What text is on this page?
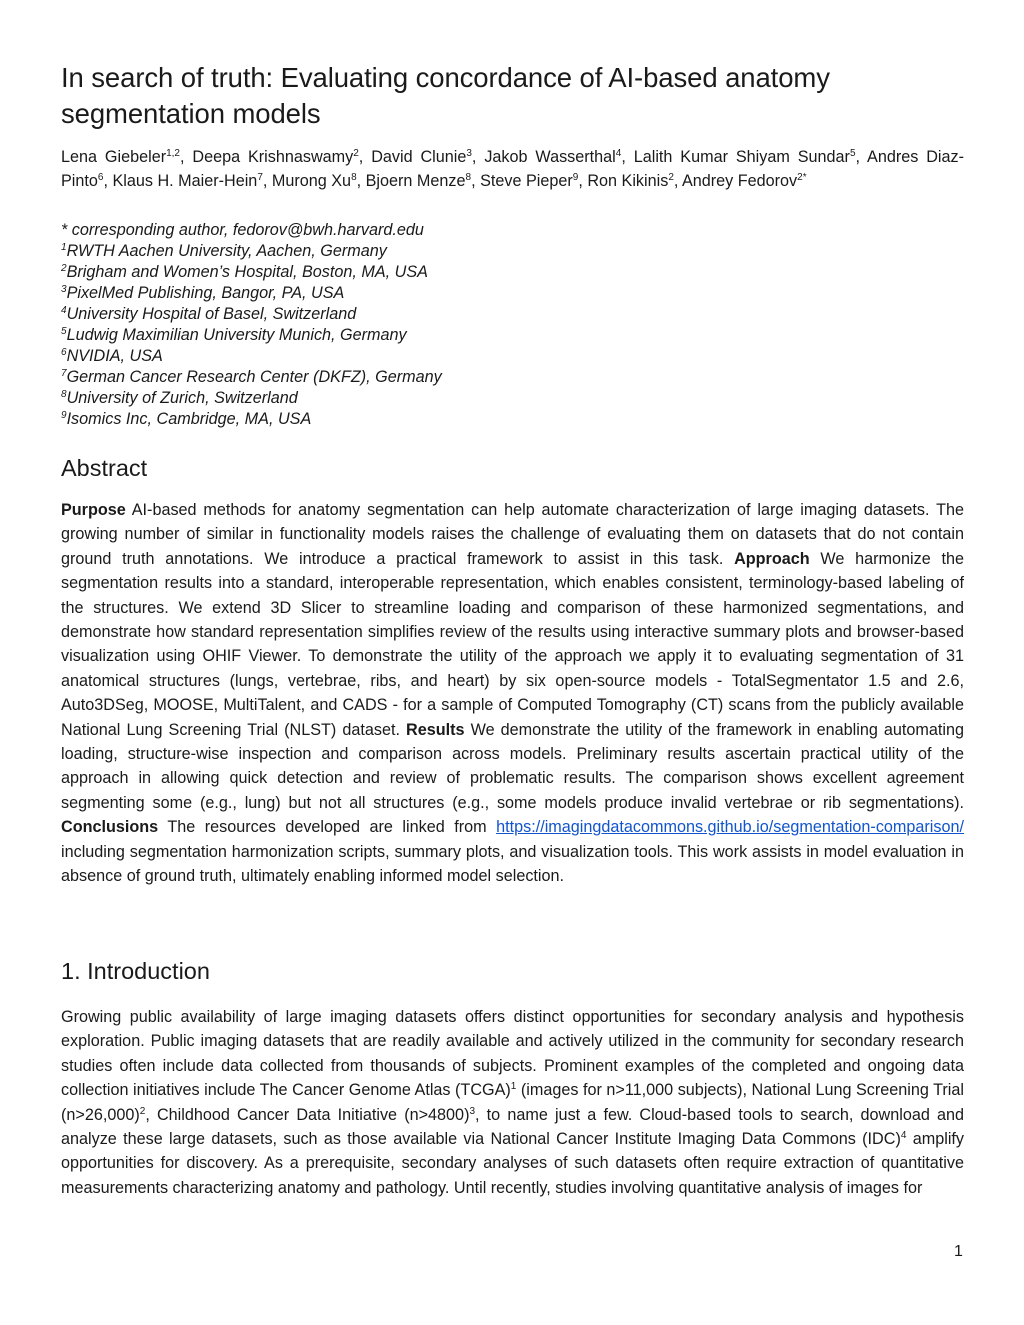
In search of truth: Evaluating concordance of AI-based anatomy segmentation models
Lena Giebeler$^{1,2}$, Deepa Krishnaswamy$^2$, David Clunie$^3$, Jakob Wasserthal$^4$, Lalith Kumar Shiyam Sundar$^5$, Andres Diaz-Pinto$^6$, Klaus H. Maier-Hein$^7$, Murong Xu$^8$, Bjoern Menze$^8$, Steve Pieper$^9$, Ron Kikinis$^2$, Andrey Fedorov$^{2*}$
* corresponding author, fedorov@bwh.harvard.edu
$^1$RWTH Aachen University, Aachen, Germany
$^2$Brigham and Women’s Hospital, Boston, MA, USA
$^3$PixelMed Publishing, Bangor, PA, USA
$^4$University Hospital of Basel, Switzerland
$^5$Ludwig Maximilian University Munich, Germany
$^6$NVIDIA, USA
$^7$German Cancer Research Center (DKFZ), Germany
$^8$University of Zurich, Switzerland
$^9$Isomics Inc, Cambridge, MA, USA
Abstract

Purpose AI-based methods for anatomy segmentation can help automate characterization of large imaging datasets. The growing number of similar in functionality models raises the challenge of evaluating them on datasets that do not contain ground truth annotations. We introduce a practical framework to assist in this task. Approach We harmonize the segmentation results into a standard, interoperable representation, which enables consistent, terminology-based labeling of the structures. We extend 3D Slicer to streamline loading and comparison of these harmonized segmentations, and demonstrate how standard representation simplifies review of the results using interactive summary plots and browser-based visualization using OHIF Viewer. To demonstrate the utility of the approach we apply it to evaluating segmentation of 31 anatomical structures (lungs, vertebrae, ribs, and heart) by six open-source models - TotalSegmentator 1.5 and 2.6, Auto3DSeg, MOOSE, MultiTalent, and CADS - for a sample of Computed Tomography (CT) scans from the publicly available National Lung Screening Trial (NLST) dataset. Results We demonstrate the utility of the framework in enabling automating loading, structure-wise inspection and comparison across models. Preliminary results ascertain practical utility of the approach in allowing quick detection and review of problematic results. The comparison shows excellent agreement segmenting some (e.g., lung) but not all structures (e.g., some models produce invalid vertebrae or rib segmentations). Conclusions The resources developed are linked from https://imagingdatacommons.github.io/segmentation-comparison/ including segmentation harmonization scripts, summary plots, and visualization tools. This work assists in model evaluation in absence of ground truth, ultimately enabling informed model selection.

1. Introduction

Growing public availability of large imaging datasets offers distinct opportunities for secondary analysis and hypothesis exploration. Public imaging datasets that are readily available and actively utilized in the community for secondary research studies often include data collected from thousands of subjects. Prominent examples of the completed and ongoing data collection initiatives include The Cancer Genome Atlas (TCGA)$^1$ (images for n>11,000 subjects), National Lung Screening Trial (n>26,000)$^2$, Childhood Cancer Data Initiative (n>4800)$^3$, to name just a few. Cloud-based tools to search, download and analyze these large datasets, such as those available via National Cancer Institute Imaging Data Commons (IDC)$^4$ amplify opportunities for discovery. As a prerequisite, secondary analyses of such datasets often require extraction of quantitative measurements characterizing anatomy and pathology. Until recently, studies involving quantitative analysis of images for

1
